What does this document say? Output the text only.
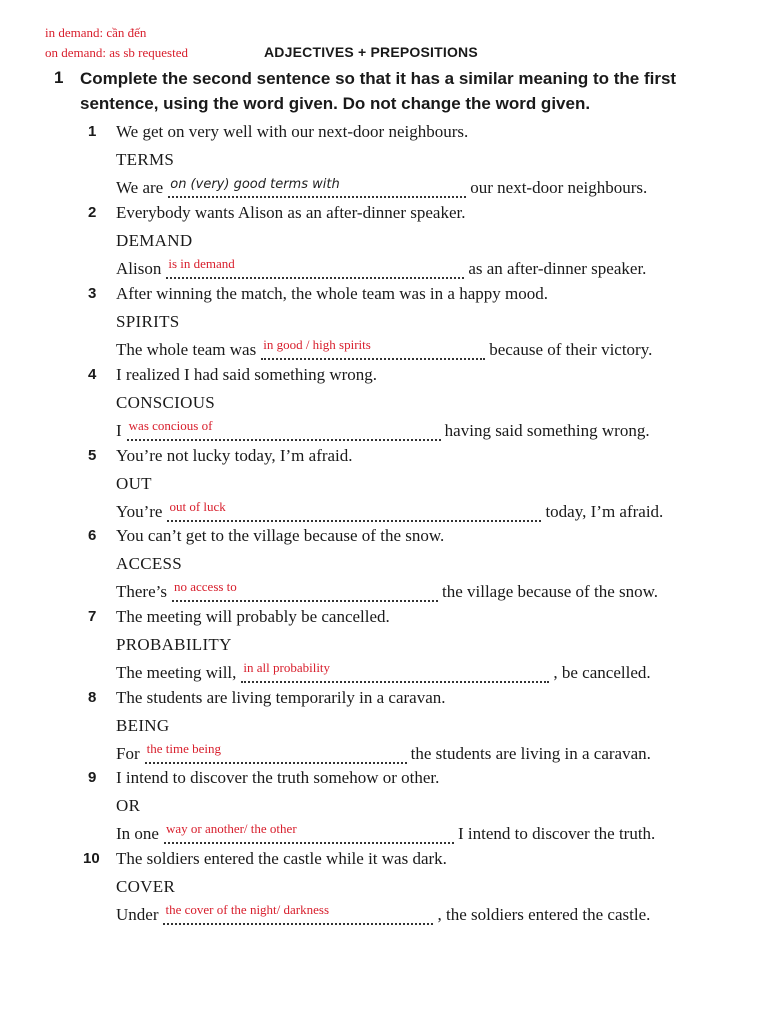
in demand: cần đến
on demand: as sb requested	ADJECTIVES + PREPOSITIONS
1 Complete the second sentence so that it has a similar meaning to the first sentence, using the word given. Do not change the word given.
1	We get on very well with our next-door neighbours.
TERMS
We are on (very) good terms with	our next-door neighbours.
2	Everybody wants Alison as an after-dinner speaker.
DEMAND
Alison is in demand	as an after-dinner speaker.
3	After winning the match, the whole team was in a happy mood.
SPIRITS
The whole team was in good / high spirits	because of their victory.
4	I realized I had said something wrong.
CONSCIOUS
I was concious of	having said something wrong.
5	You’re not lucky today, I’m afraid.
OUT
You’re out of luck	today, I’m afraid.
6	You can’t get to the village because of the snow.
ACCESS
There’s no access to	the village because of the snow.
7	The meeting will probably be cancelled.
PROBABILITY
The meeting will, in all probability	, be cancelled.
8	The students are living temporarily in a caravan.
BEING
For the time being	the students are living in a caravan.
9	I intend to discover the truth somehow or other.
OR
In one way or another/ the other	I intend to discover the truth.
10 The soldiers entered the castle while it was dark.
COVER
Under the cover of the night/ darkness	, the soldiers entered the castle.
